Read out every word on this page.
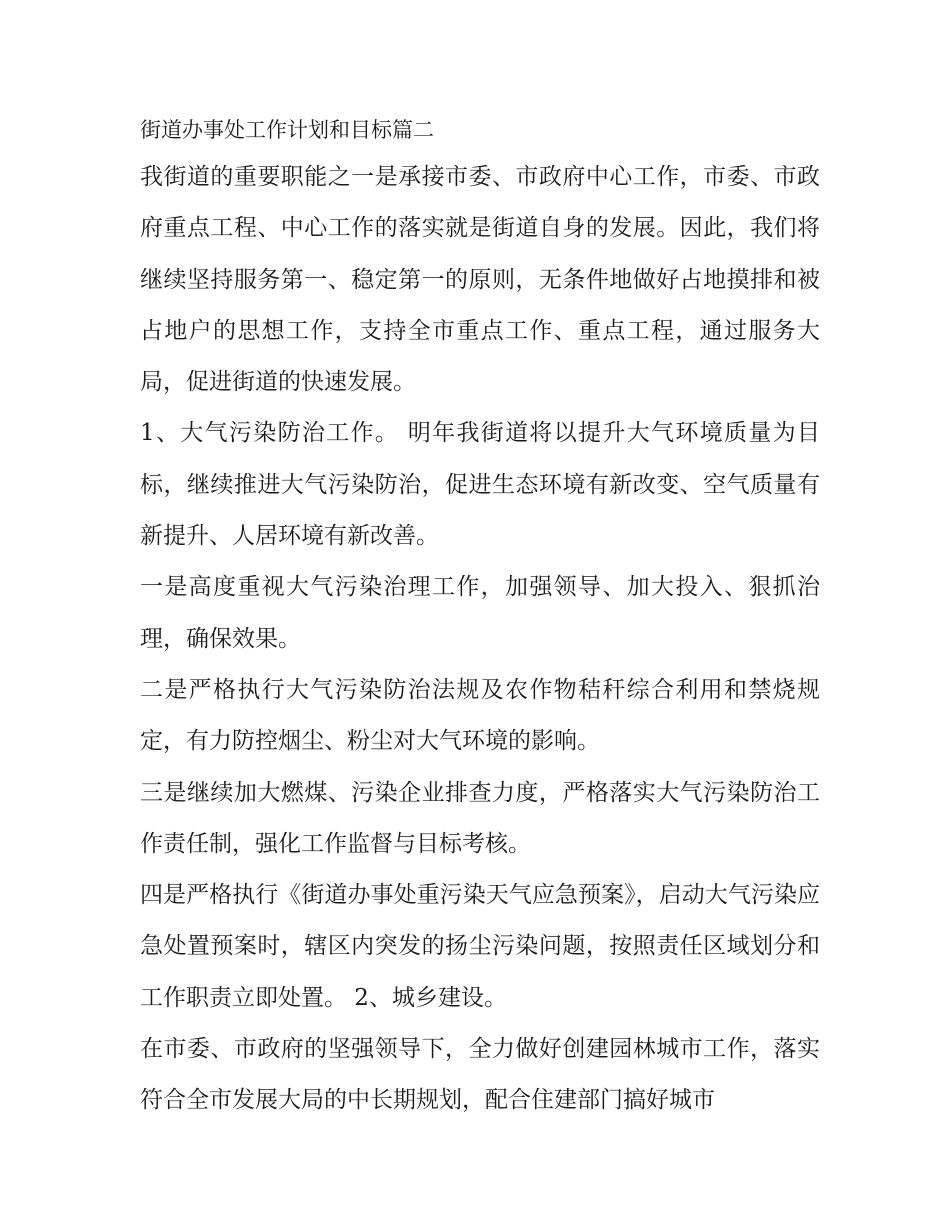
街道办事处工作计划和目标篇二

我街道的重要职能之一是承接市委、市政府中心工作，市委、市政府重点工程、中心工作的落实就是街道自身的发展。因此，我们将继续坚持服务第一、稳定第一的原则，无条件地做好占地摸排和被占地户的思想工作，支持全市重点工作、重点工程，通过服务大局，促进街道的快速发展。

1、大气污染防治工作。 明年我街道将以提升大气环境质量为目标，继续推进大气污染防治，促进生态环境有新改变、空气质量有新提升、人居环境有新改善。

一是高度重视大气污染治理工作，加强领导、加大投入、狠抓治理，确保效果。

二是严格执行大气污染防治法规及农作物秸秆综合利用和禁烧规定，有力防控烟尘、粉尘对大气环境的影响。

三是继续加大燃煤、污染企业排查力度，严格落实大气污染防治工作责任制，强化工作监督与目标考核。

四是严格执行《街道办事处重污染天气应急预案》，启动大气污染应急处置预案时，辖区内突发的扬尘污染问题，按照责任区域划分和工作职责立即处置。 2、城乡建设。

在市委、市政府的坚强领导下，全力做好创建园林城市工作，落实符合全市发展大局的中长期规划，配合住建部门搞好城市
